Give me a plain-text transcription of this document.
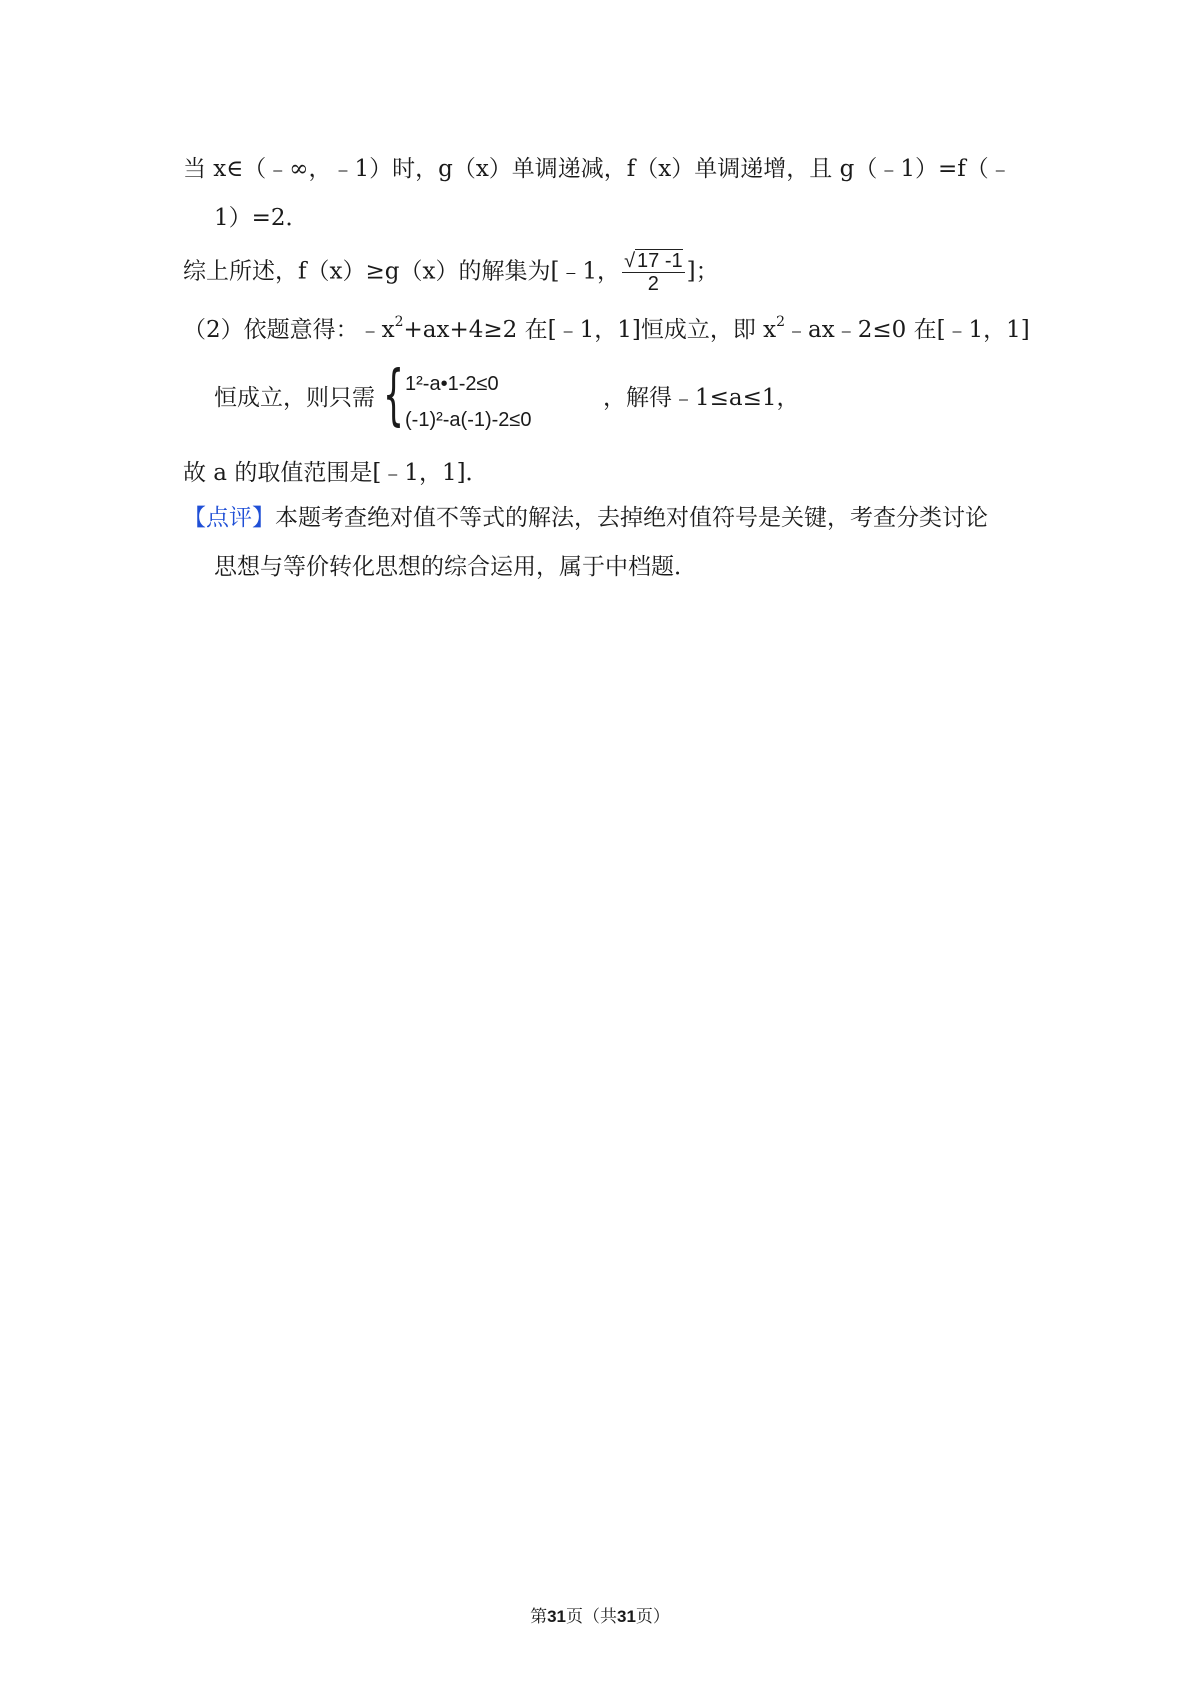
当 x∈（﹣∞，﹣1）时，g（x）单调递减，f（x）单调递增，且 g（﹣1）=f（﹣
1）=2．
综上所述，f（x）≥g（x）的解集为[﹣1， $\frac{√ 17 -1}{2}$ ]；
（2）依题意得：$﹣x^2+ax+4\ge 2$ 在[﹣1，1]恒成立，即 $x^2﹣ax﹣2\le 0$ 在[﹣1，1]
恒成立，则只需 { 1²-a•1-2≤0
(-1)²-a(-1)-2≤0
，解得﹣1≤a≤1，
故 a 的取值范围是[﹣1，1]．
【点评】本题考查绝对值不等式的解法，去掉绝对值符号是关键，考查分类讨论
思想与等价转化思想的综合运用，属于中档题．
第31页（共31页）
